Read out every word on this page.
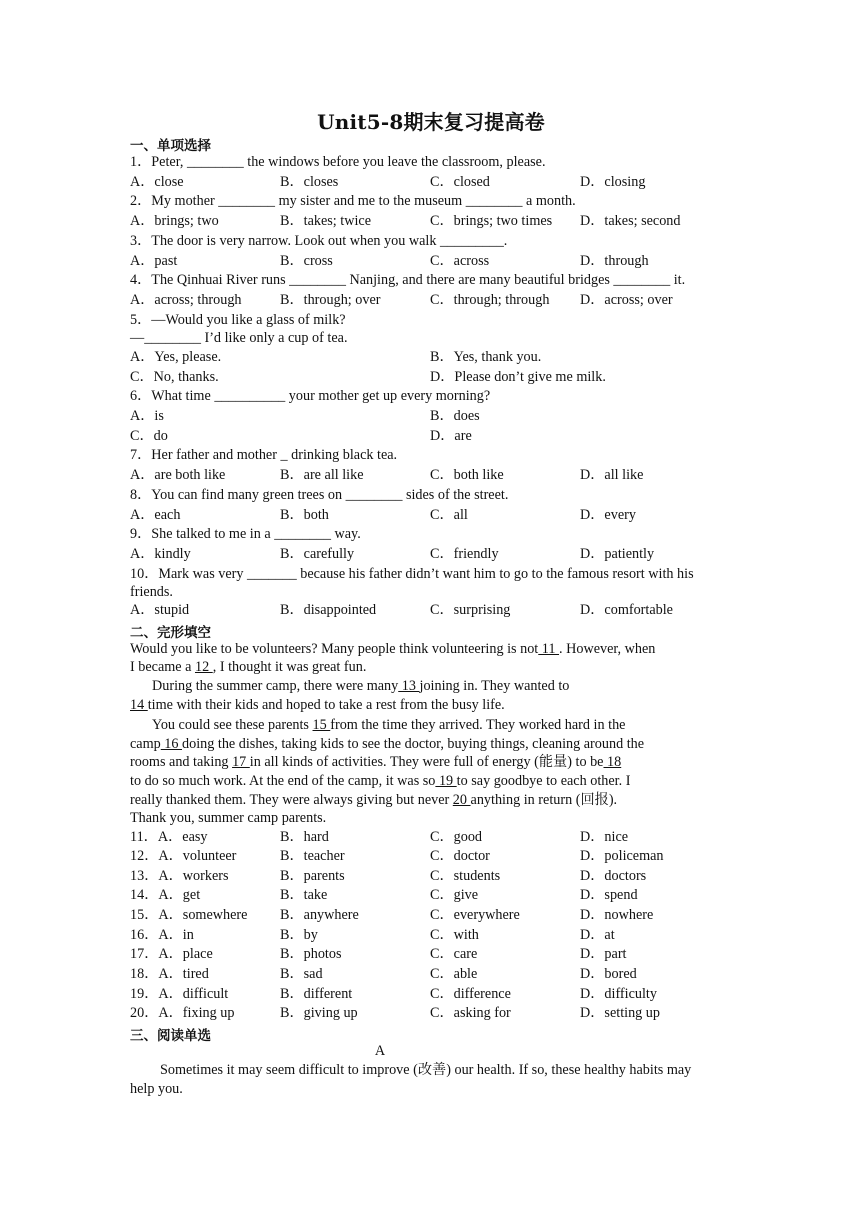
Unit5-8期末复习提高卷
一、单项选择
1．Peter, ________ the windows before you leave the classroom, please.
A．close	B．closes	C．closed	D．closing
2．My mother ________ my sister and me to the museum ________ a month.
A．brings; two	B．takes; twice	C．brings; two times D．takes; second
3．The door is very narrow. Look out when you walk _________.
A．past	B．cross	C．across	D．through
4．The Qinhuai River runs ________ Nanjing, and there are many beautiful bridges ________ it.
A．across; through	B．through; over	C．through; through D．across; over
5．—Would you like a glass of milk?
—________ I’d like only a cup of tea.
A．Yes, please.	B．Yes, thank you.
C．No, thanks.	D．Please don’t give me milk.
6．What time __________ your mother get up every morning?
A．is	B．does
C．do	D．are
7．Her father and mother _ drinking black tea.
A．are both like	B．are all like	C．both like	D．all like
8．You can find many green trees on ________ sides of the street.
A．each	B．both	C．all	D．every
9．She talked to me in a ________ way.
A．kindly	B．carefully	C．friendly	D．patiently
10．Mark was very _______ because his father didn’t want him to go to the famous resort with his
friends.
A．stupid	B．disappointed	C．surprising	D．comfortable
二、完形填空
Would you like to be volunteers? Many people think volunteering is not 11 . However, when
I became a 12 , I thought it was great fun.
During the summer camp, there were many 13 joining in. They wanted to
14 time with their kids and hoped to take a rest from the busy life.
You could see these parents 15 from the time they arrived. They worked hard in the
camp 16 doing the dishes, taking kids to see the doctor, buying things, cleaning around the
rooms and taking 17 in all kinds of activities. They were full of energy (能量) to be 18
to do so much work. At the end of the camp, it was so 19 to say goodbye to each other. I
really thanked them. They were always giving but never 20 anything in return (回报).
Thank you, summer camp parents.
11．A．easy	B．hard	C．good	D．nice
12．A．volunteer	B．teacher	C．doctor	D．policeman
13．A．workers	B．parents	C．students	D．doctors
14．A．get	B．take	C．give	D．spend
15．A．somewhere B．anywhere	C．everywhere	D．nowhere
16．A．in	B．by	C．with	D．at
17．A．place	B．photos	C．care	D．part
18．A．tired	B．sad	C．able	D．bored
19．A．difficult	B．different	C．difference	D．difficulty
20．A．fixing up	B．giving up	C．asking for	D．setting up
三、阅读单选
A
Sometimes it may seem difficult to improve (改善) our health. If so, these healthy habits may
help you.
